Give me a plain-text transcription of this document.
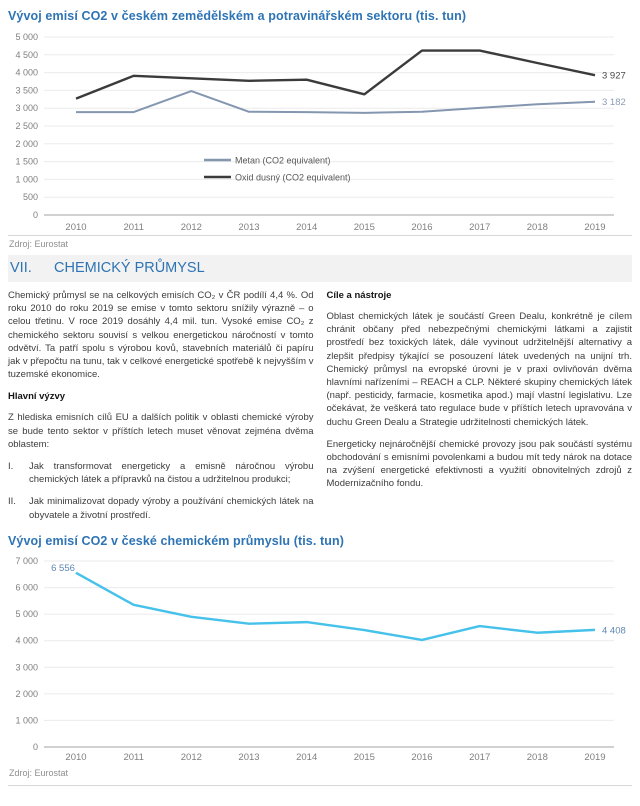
Vývoj emisí CO2 v českém zemědělském a potravinářském sektoru (tis. tun)
0
500
1 000
1 500
2 000
2 500
3 000
3 500
4 000
4 500
5 000
2010	2011	2012	2013	2014	2015	2016	2017	2018	2019
Metan (CO2 equivalent)
Oxid dusný (CO2 equivalent)
3 182
3 927
Zdroj: Eurostat
VII.	CHEMICKÝ PRŮMYSL

Chemický průmysl se na celkových emisích CO₂ v ČR podílí 4,4 %. Od roku 2010 do roku 2019 se emise v tomto sektoru snížily výrazně – o celou třetinu. V roce 2019 dosáhly 4,4 mil. tun. Vysoké emise CO₂ z chemického sektoru souvisí s velkou energetickou náročností v tomto odvětví. Ta patří spolu s výrobou kovů, stavebních materiálů či papíru jak v přepočtu na tunu, tak v celkové energetické spotřebě k nejvyšším v tuzemské ekonomice.

Hlavní výzvy

Z hlediska emisních cílů EU a dalších politik v oblasti chemické výroby se bude tento sektor v příštích letech muset věnovat zejména dvěma oblastem:

I.	Jak transformovat energeticky a emisně náročnou výrobu chemických látek a přípravků na čistou a udržitelnou produkci;
II.	Jak minimalizovat dopady výroby a používání chemických látek na obyvatele a životní prostředí.
Cíle a nástroje

Oblast chemických látek je součástí Green Dealu, konkrétně je cílem chránit občany před nebezpečnými chemickými látkami a zajistit prostředí bez toxických látek, dále vyvinout udržitelnější alternativy a zlepšit předpisy týkající se posouzení látek uvedených na unijní trh. Chemický průmysl na evropské úrovni je v praxi ovlivňován dvěma hlavními nařízeními – REACH a CLP. Některé skupiny chemických látek (např. pesticidy, farmacie, kosmetika apod.) mají vlastní legislativu. Lze očekávat, že veškerá tato regulace bude v příštích letech upravována v duchu Green Dealu a Strategie udržitelnosti chemických látek.

Energeticky nejnáročnější chemické provozy jsou pak součástí systému obchodování s emisními povolenkami a budou mít tedy nárok na dotace na zvýšení energetické efektivnosti a využití obnovitelných zdrojů z Modernizačního fondu.

Vývoj emisí CO2 v české chemickém průmyslu (tis. tun)
0
1 000
2 000
3 000
4 000
5 000
6 000
7 000
2010	2011	2012	2013	2014	2015	2016	2017	2018	2019
4 408
6 556
Zdroj: Eurostat
